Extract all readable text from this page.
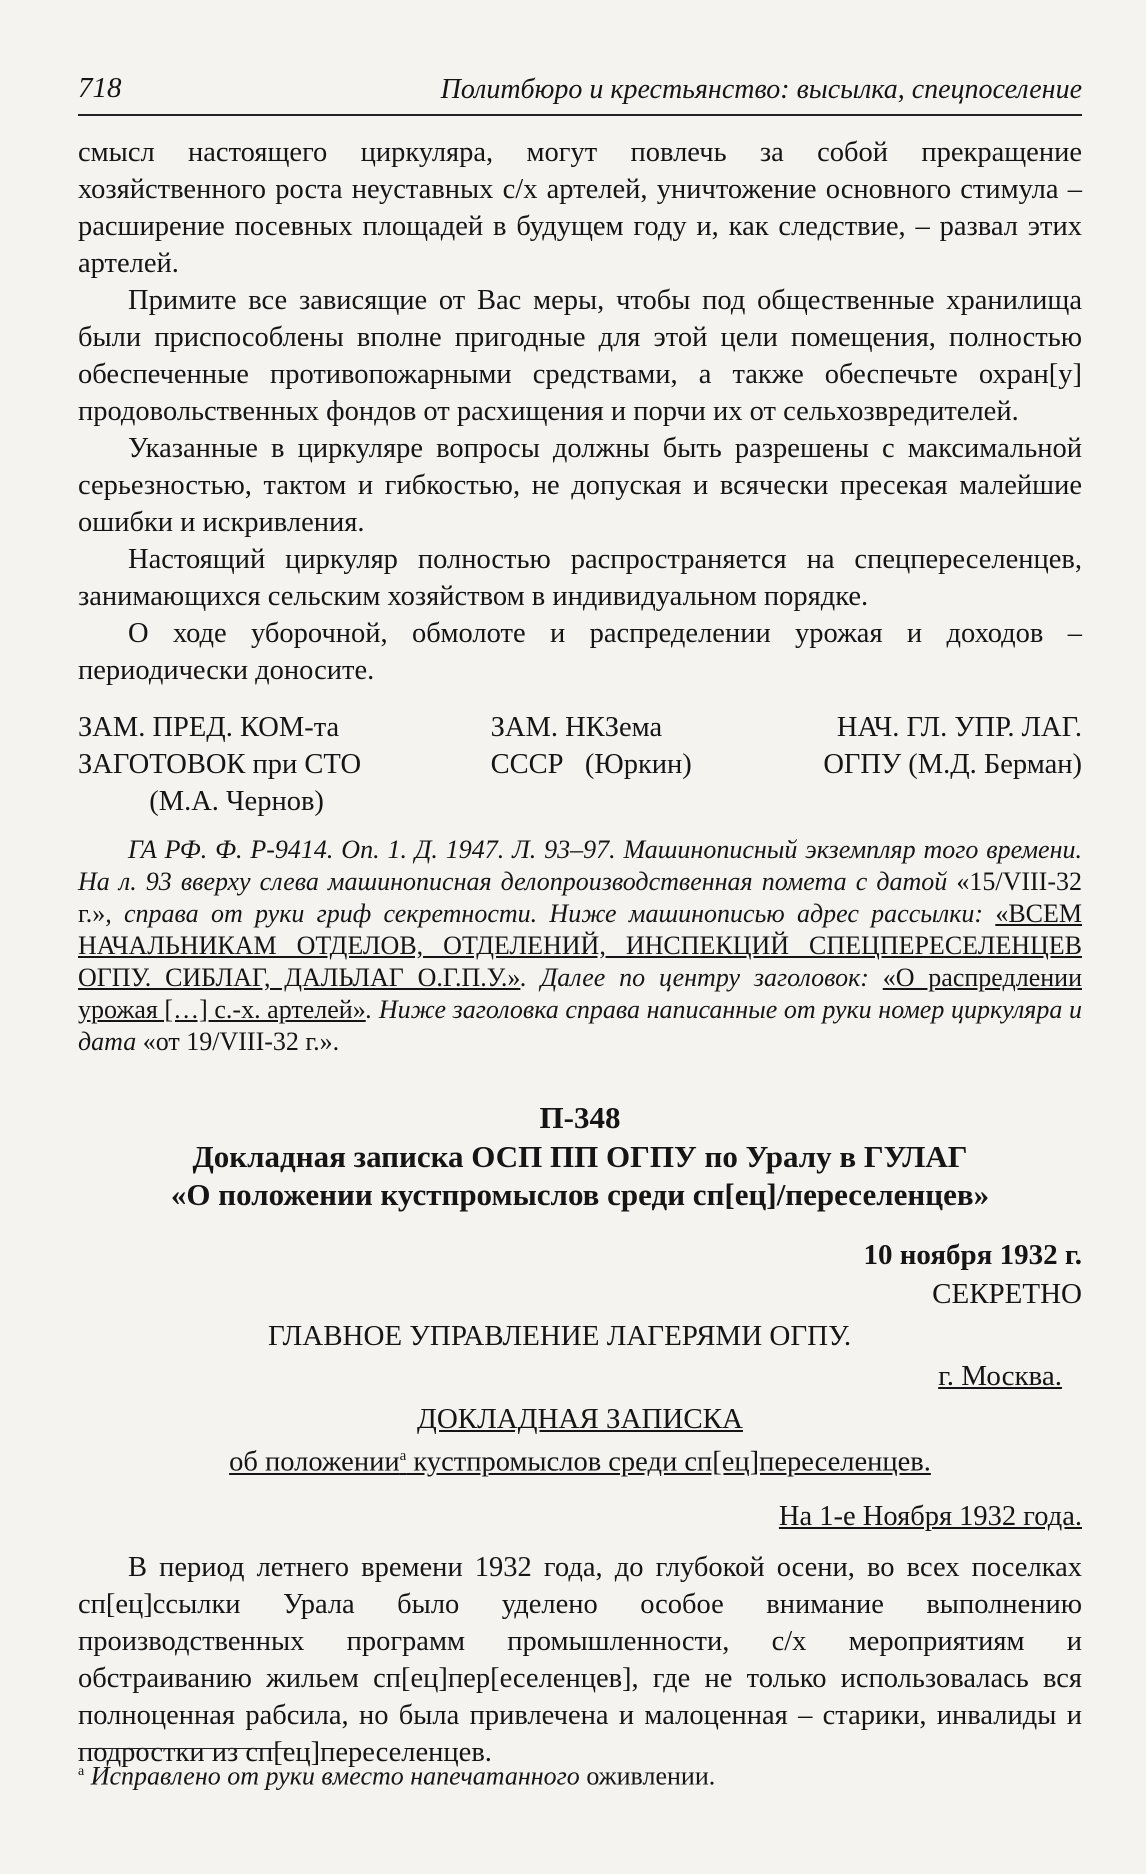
718	Политбюро и крестьянство: высылка, спецпоселение

смысл настоящего циркуляра, могут повлечь за собой прекращение хозяйственного роста неуставных с/х артелей, уничтожение основного стимула – расширение посевных площадей в будущем году и, как следствие, – развал этих артелей.

Примите все зависящие от Вас меры, чтобы под общественные хранилища были приспособлены вполне пригодные для этой цели помещения, полностью обеспеченные противопожарными средствами, а также обеспечьте охран[у] продовольственных фондов от расхищения и порчи их от сельхозвредителей.

Указанные в циркуляре вопросы должны быть разрешены с максимальной серьезностью, тактом и гибкостью, не допуская и всячески пресекая малейшие ошибки и искривления.

Настоящий циркуляр полностью распространяется на спецпереселенцев, занимающихся сельским хозяйством в индивидуальном порядке.

О ходе уборочной, обмолоте и распределении урожая и доходов – периодически доносите.

ЗАМ. ПРЕД. КОМ-та
ЗАГОТОВОК при СТО
(М.А. Чернов)
ЗАМ. НКЗема
СССР   (Юркин)
НАЧ. ГЛ. УПР. ЛАГ.
ОГПУ (М.Д. Берман)
ГА РФ. Ф. Р-9414. Оп. 1. Д. 1947. Л. 93–97. Машинописный экземпляр того времени. На л. 93 вверху слева машинописная делопроизводственная помета с датой «15/VIII-32 г.», справа от руки гриф секретности. Ниже машинописью адрес рассылки: «ВСЕМ НАЧАЛЬНИКАМ ОТДЕЛОВ, ОТДЕЛЕНИЙ, ИНСПЕКЦИЙ СПЕЦПЕРЕСЕЛЕНЦЕВ ОГПУ. СИБЛАГ, ДАЛЬЛАГ О.Г.П.У.». Далее по центру заголовок: «О распредлении урожая […] с.-х. артелей». Ниже заголовка справа написанные от руки номер циркуляра и дата «от 19/VIII-32 г.».
П-348
Докладная записка ОСП ПП ОГПУ по Уралу в ГУЛАГ
«О положении кустпромыслов среди сп[ец]/переселенцев»
10 ноября 1932 г.
СЕКРЕТНО
ГЛАВНОЕ УПРАВЛЕНИЕ ЛАГЕРЯМИ ОГПУ.
г. Москва.
ДОКЛАДНАЯ ЗАПИСКА
об положении$^а$ кустпромыслов среди сп[ец]переселенцев.
На 1-е Ноября 1932 года.

В период летнего времени 1932 года, до глубокой осени, во всех поселках сп[ец]ссылки Урала было уделено особое внимание выполнению производственных программ промышленности, с/х мероприятиям и обстраиванию жильем сп[ец]пер[еселенцев], где не только использовалась вся полноценная рабсила, но была привлечена и малоценная – старики, инвалиды и подростки из сп[ец]переселенцев.

$^а$ Исправлено от руки вместо напечатанного оживлении.
